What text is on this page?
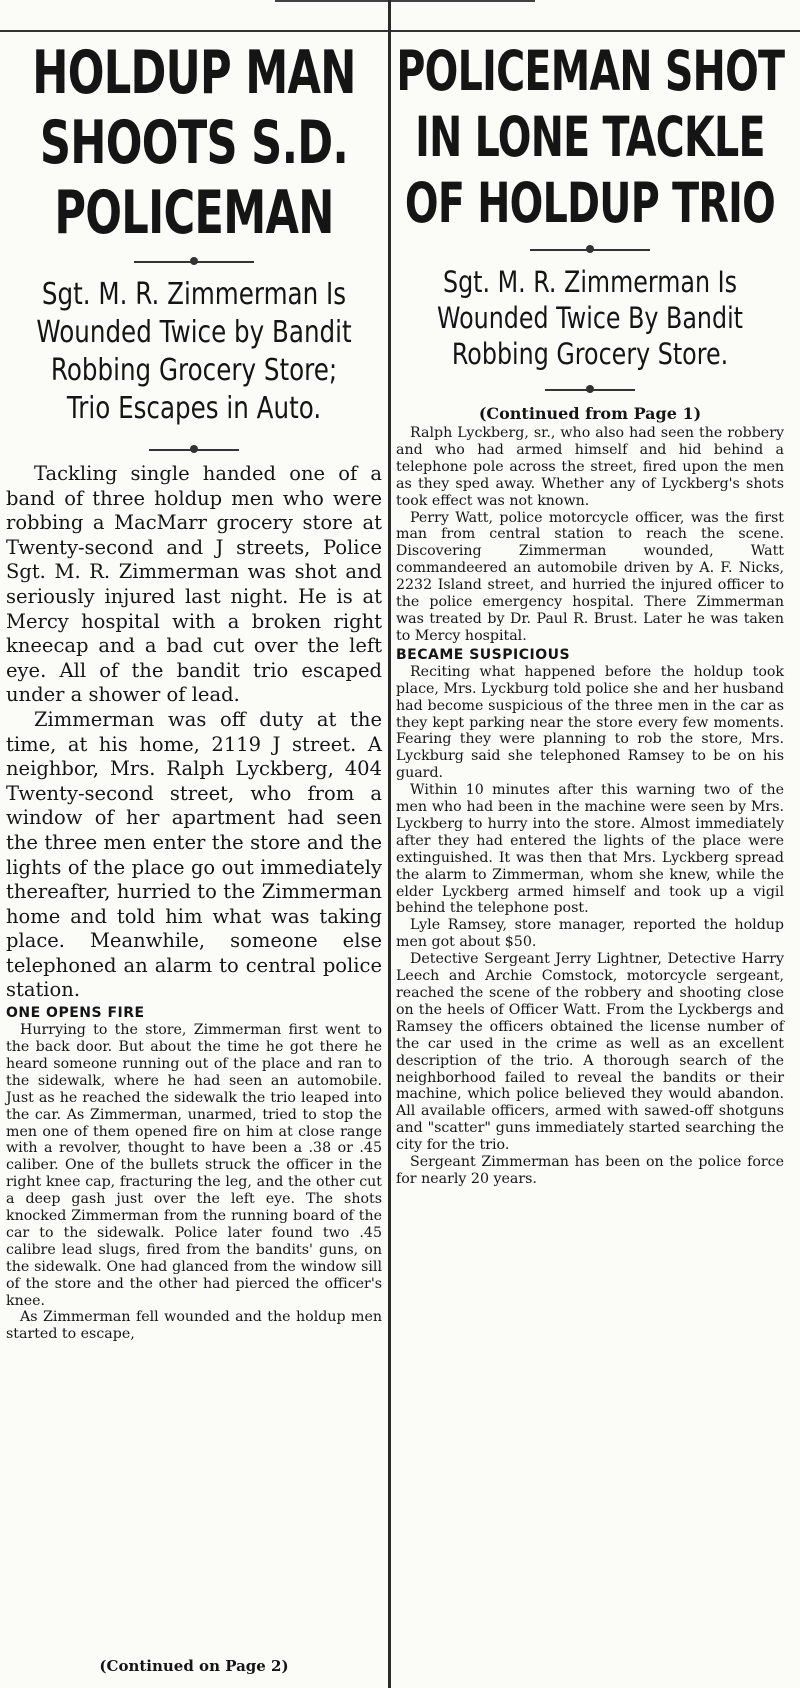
HOLDUP MAN
SHOOTS S.D.
POLICEMAN
Sgt. M. R. Zimmerman Is
Wounded Twice by Bandit
Robbing Grocery Store;
Trio Escapes in Auto.

Tackling single handed one of a band of three holdup men who were robbing a MacMarr grocery store at Twenty-second and J streets, Police Sgt. M. R. Zimmerman was shot and seriously injured last night. He is at Mercy hospital with a broken right kneecap and a bad cut over the left eye. All of the bandit trio escaped under a shower of lead.

Zimmerman was off duty at the time, at his home, 2119 J street. A neighbor, Mrs. Ralph Lyckberg, 404 Twenty-second street, who from a window of her apartment had seen the three men enter the store and the lights of the place go out immediately thereafter, hurried to the Zimmerman home and told him what was taking place. Meanwhile, someone else telephoned an alarm to central police station.

ONE OPENS FIRE

Hurrying to the store, Zimmerman first went to the back door. But about the time he got there he heard someone running out of the place and ran to the sidewalk, where he had seen an automobile. Just as he reached the sidewalk the trio leaped into the car. As Zimmerman, unarmed, tried to stop the men one of them opened fire on him at close range with a revolver, thought to have been a .38 or .45 caliber. One of the bullets struck the officer in the right knee cap, fracturing the leg, and the other cut a deep gash just over the left eye. The shots knocked Zimmerman from the running board of the car to the sidewalk. Police later found two .45 calibre lead slugs, fired from the bandits' guns, on the sidewalk. One had glanced from the window sill of the store and the other had pierced the officer's knee.

As Zimmerman fell wounded and the holdup men started to escape,

(Continued on Page 2)
POLICEMAN SHOT
IN LONE TACKLE
OF HOLDUP TRIO
Sgt. M. R. Zimmerman Is
Wounded Twice By Bandit
Robbing Grocery Store.
(Continued from Page 1)

Ralph Lyckberg, sr., who also had seen the robbery and who had armed himself and hid behind a telephone pole across the street, fired upon the men as they sped away. Whether any of Lyckberg's shots took effect was not known.

Perry Watt, police motorcycle officer, was the first man from central station to reach the scene. Discovering Zimmerman wounded, Watt commandeered an automobile driven by A. F. Nicks, 2232 Island street, and hurried the injured officer to the police emergency hospital. There Zimmerman was treated by Dr. Paul R. Brust. Later he was taken to Mercy hospital.

BECAME SUSPICIOUS

Reciting what happened before the holdup took place, Mrs. Lyckburg told police she and her husband had become suspicious of the three men in the car as they kept parking near the store every few moments. Fearing they were planning to rob the store, Mrs. Lyckburg said she telephoned Ramsey to be on his guard.

Within 10 minutes after this warning two of the men who had been in the machine were seen by Mrs. Lyckberg to hurry into the store. Almost immediately after they had entered the lights of the place were extinguished. It was then that Mrs. Lyckberg spread the alarm to Zimmerman, whom she knew, while the elder Lyckberg armed himself and took up a vigil behind the telephone post.

Lyle Ramsey, store manager, reported the holdup men got about $50.

Detective Sergeant Jerry Lightner, Detective Harry Leech and Archie Comstock, motorcycle sergeant, reached the scene of the robbery and shooting close on the heels of Officer Watt. From the Lyckbergs and Ramsey the officers obtained the license number of the car used in the crime as well as an excellent description of the trio. A thorough search of the neighborhood failed to reveal the bandits or their machine, which police believed they would abandon. All available officers, armed with sawed-off shotguns and "scatter" guns immediately started searching the city for the trio.

Sergeant Zimmerman has been on the police force for nearly 20 years.
